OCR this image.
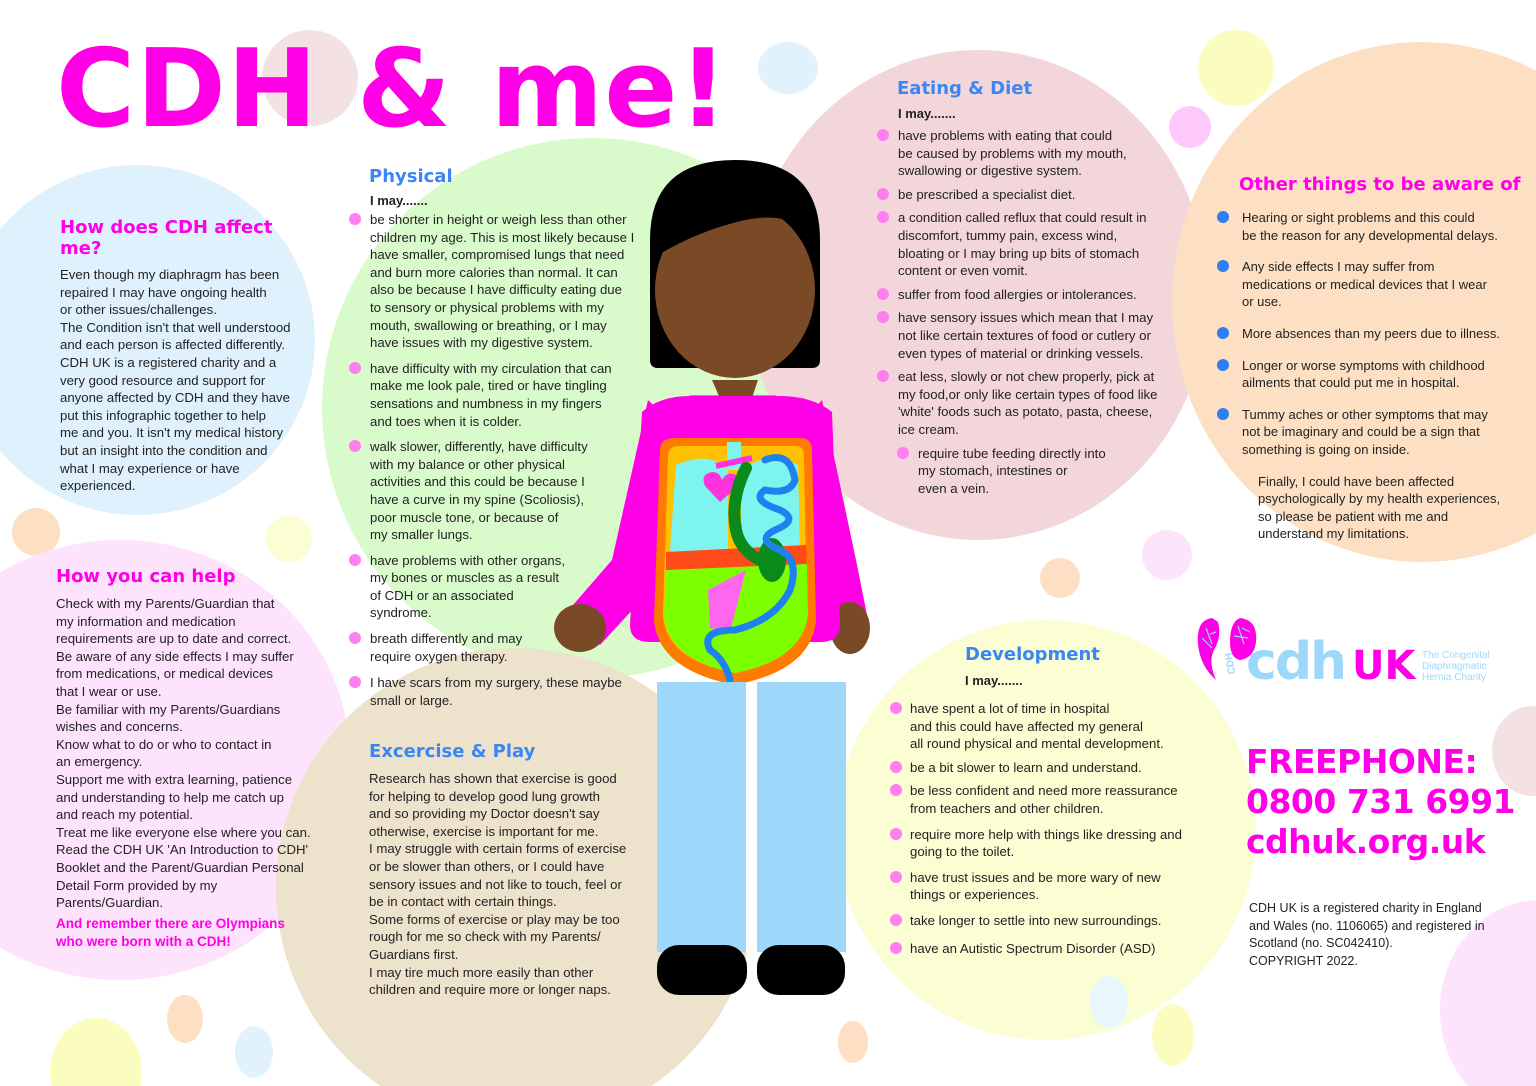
CDH & me!
How does CDH affect me?

Even though my diaphragm has been

repaired I may have ongoing health

or other issues/challenges.

The Condition isn't that well understood

and each person is affected differently.

CDH UK is a registered charity and a

very good resource and support for

anyone affected by CDH and they have

put this infographic together to help

me and you. It isn't my medical history

but an insight into the condition and

what I may experience or have

experienced.

How you can help

Check with my Parents/Guardian that

my information and medication

requirements are up to date and correct.

Be aware of any side effects I may suffer

from medications, or medical devices

that I wear or use.

Be familiar with my Parents/Guardians

wishes and concerns.

Know what to do or who to contact in

an emergency.

Support me with extra learning, patience

and understanding to help me catch up

and reach my potential.

Treat me like everyone else where you can.

Read the CDH UK 'An Introduction to CDH'

Booklet and the Parent/Guardian Personal

Detail Form provided by my

Parents/Guardian.

And remember there are Olympians

who were born with a CDH!

Physical
I may.......
be shorter in height or weigh less than other
children my age. This is most likely because I
have smaller, compromised lungs that need
and burn more calories than normal. It can
also be because I have difficulty eating due
to sensory or physical problems with my
mouth, swallowing or breathing, or I may
have issues with my digestive system.
have difficulty with my circulation that can
make me look pale, tired or have tingling
sensations and numbness in my fingers
and toes when it is colder.
walk slower, differently, have difficulty
with my balance or other physical
activities and this could be because I
have a curve in my spine (Scoliosis),
poor muscle tone, or because of
my smaller lungs.
have problems with other organs,
my bones or muscles as a result
of CDH or an associated
syndrome.
breath differently and may
require oxygen therapy.
I have scars from my surgery, these maybe
small or large.
Excercise & Play

Research has shown that exercise is good

for helping to develop good lung growth

and so providing my Doctor doesn't say

otherwise, exercise is important for me.

I may struggle with certain forms of exercise

or be slower than others, or I could have

sensory issues and not like to touch, feel or

be in contact with certain things.

Some forms of exercise or play may be too

rough for me so check with my Parents/

Guardians first.

I may tire much more easily than other

children and require more or longer naps.

Eating & Diet
I may.......
have problems with eating that could
be caused by problems with my mouth,
swallowing or digestive system.
be prescribed a specialist diet.
a condition called reflux that could result in
discomfort, tummy pain, excess wind,
bloating or I may bring up bits of stomach
content or even vomit.
suffer from food allergies or intolerances.
have sensory issues which mean that I may
not like certain textures of food or cutlery or
even types of material or drinking vessels.
eat less, slowly or not chew properly, pick at
my food,or only like certain types of food like
'white' foods such as potato, pasta, cheese,
ice cream.
require tube feeding directly into
my stomach, intestines or
even a vein.
Other things to be aware of
Hearing or sight problems and this could
be the reason for any developmental delays.
Any side effects I may suffer from
medications or medical devices that I wear
or use.
More absences than my peers due to illness.
Longer or worse symptoms with childhood
ailments that could put me in hospital.
Tummy aches or other symptoms that may
not be imaginary and could be a sign that
something is going on inside.

Finally, I could have been affected

psychologically by my health experiences,

so please be patient with me and

understand my limitations.

Development
I may.......
have spent a lot of time in hospital
and this could have affected my general
all round physical and mental development.
be a bit slower to learn and understand.
be less confident and need more reassurance
from teachers and other children.
require more help with things like dressing and
going to the toilet.
have trust issues and be more wary of new
things or experiences.
take longer to settle into new surroundings.
have an Autistic Spectrum Disorder (ASD)
CDH cdh UK The Congenital
Diaphragmatic
Hernia Charity
FREEPHONE:
0800 731 6991
cdhuk.org.uk
CDH UK is a registered charity in England
and Wales (no. 1106065) and registered in
Scotland (no. SC042410).
COPYRIGHT 2022.
